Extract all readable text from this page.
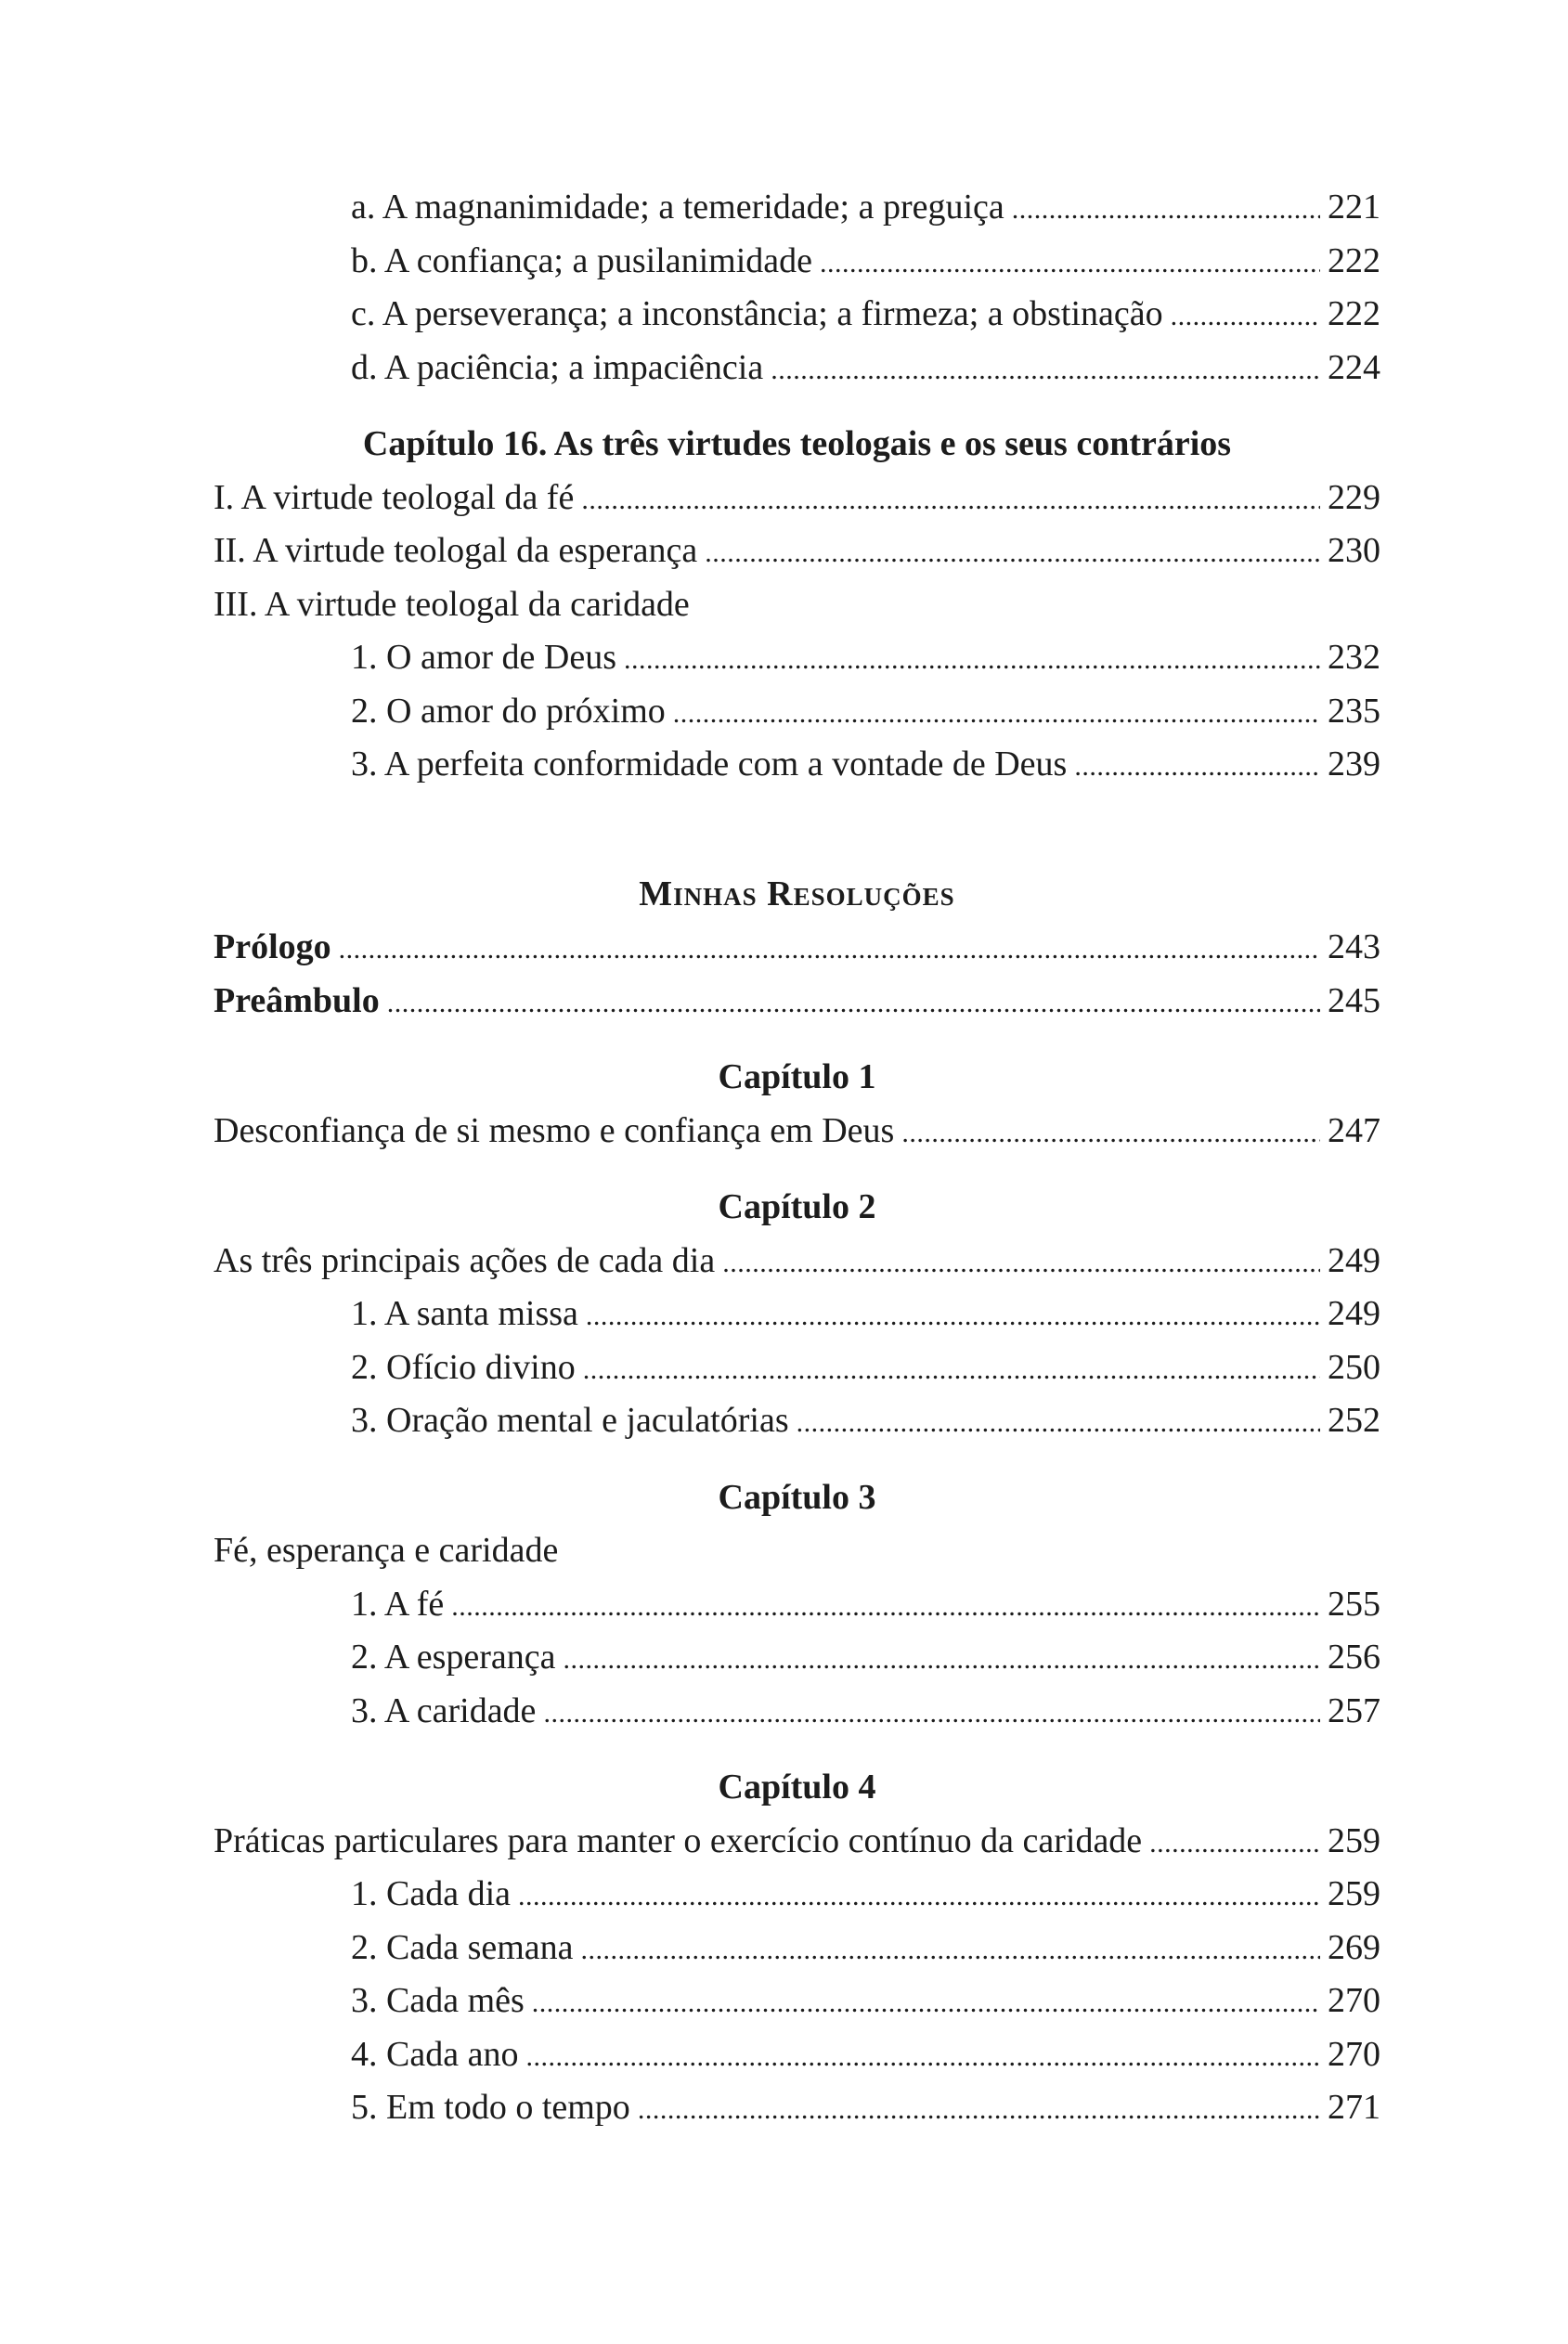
a. A magnanimidade; a temeridade; a preguiça .....	221
b. A confiança; a pusilanimidade .....	222
c. A perseverança; a inconstância; a firmeza; a obstinação .....	222
d. A paciência; a impaciência .....	224
Capítulo 16. As três virtudes teologais e os seus contrários
I. A virtude teologal da fé .....	229
II. A virtude teologal da esperança .....	230
III. A virtude teologal da caridade
1. O amor de Deus .....	232
2. O amor do próximo .....	235
3. A perfeita conformidade com a vontade de Deus .....	239
Minhas Resoluções
Prólogo .....	243
Preâmbulo .....	245
Capítulo 1
Desconfiança de si mesmo e confiança em Deus .....	247
Capítulo 2
As três principais ações de cada dia .....	249
1. A santa missa .....	249
2. Ofício divino .....	250
3. Oração mental e jaculatórias .....	252
Capítulo 3
Fé, esperança e caridade
1. A fé .....	255
2. A esperança .....	256
3. A caridade .....	257
Capítulo 4
Práticas particulares para manter o exercício contínuo da caridade .....	259
1. Cada dia .....	259
2. Cada semana .....	269
3. Cada mês .....	270
4. Cada ano .....	270
5. Em todo o tempo .....	271
